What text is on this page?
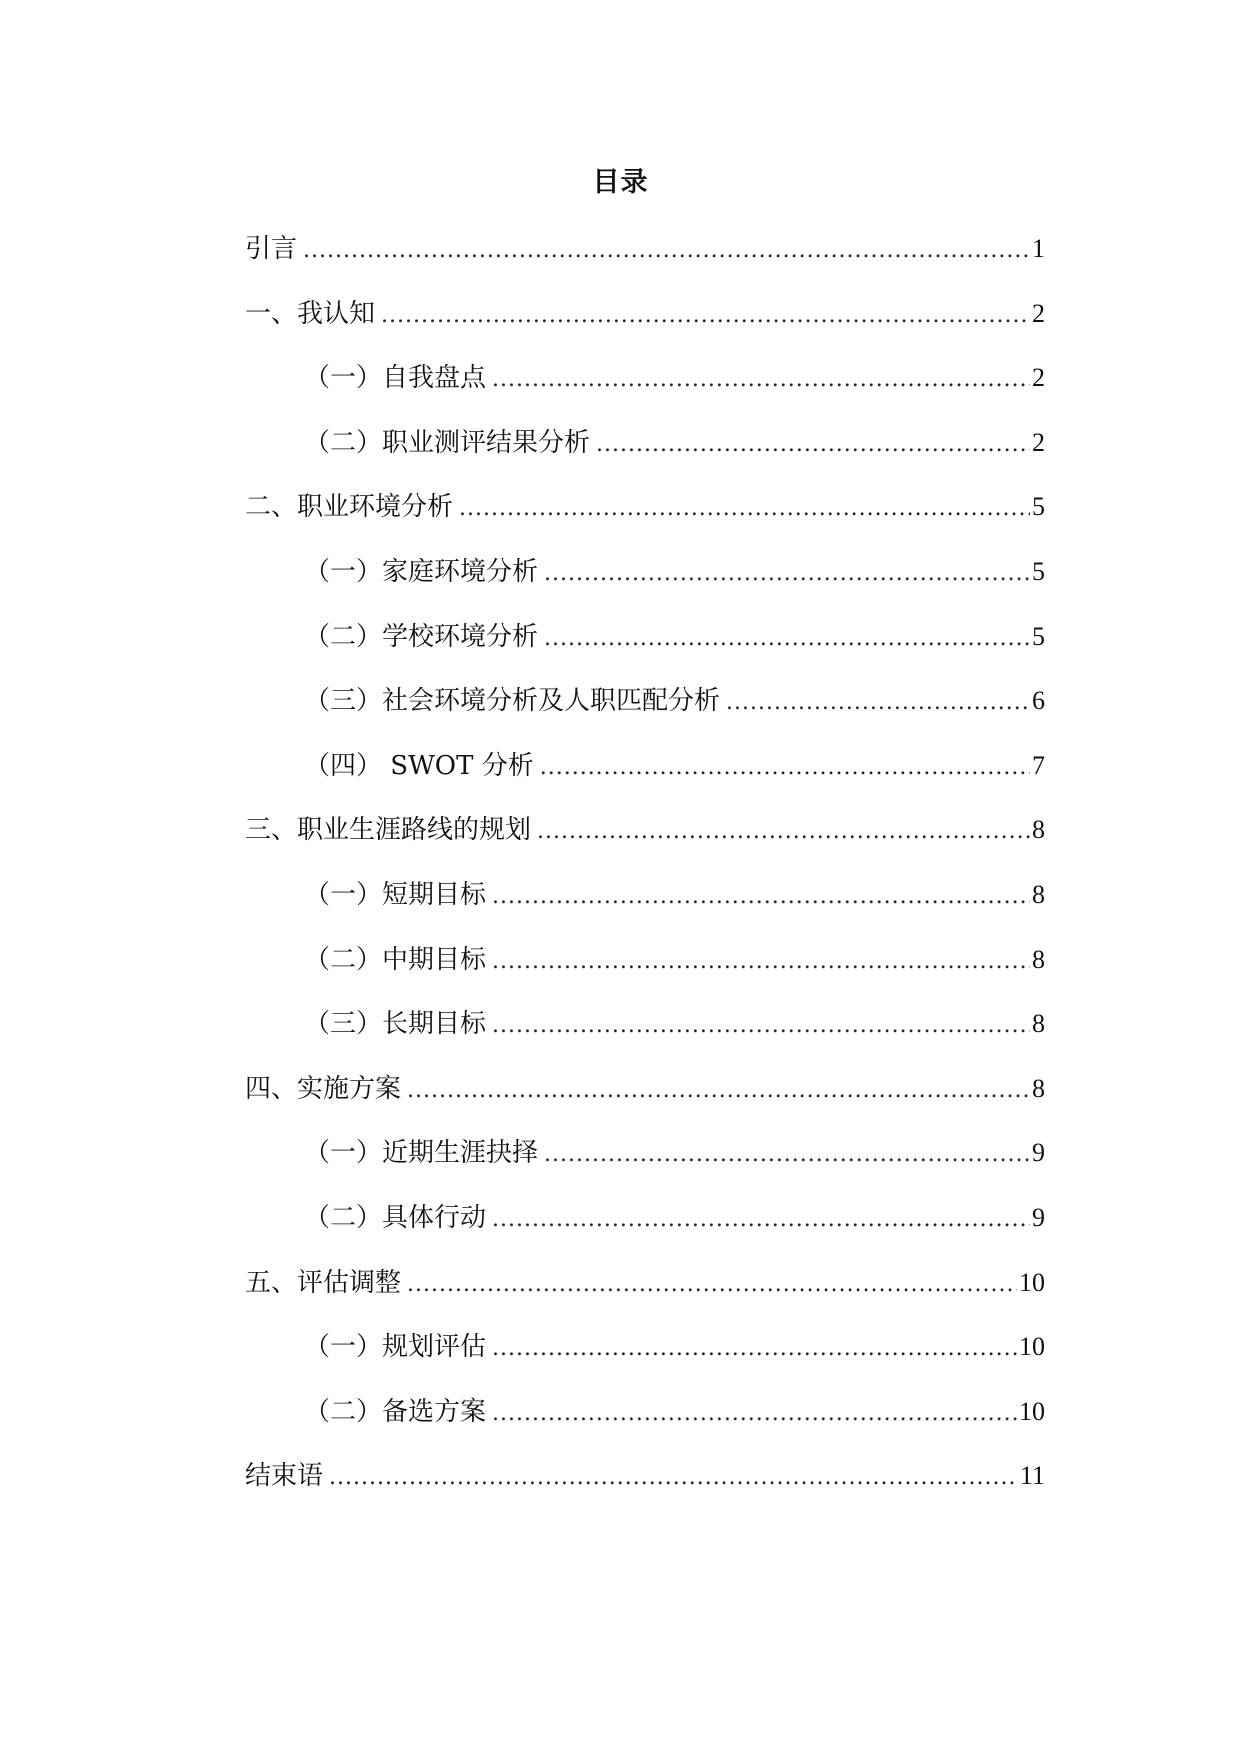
目录
引言 .....	1
一、我认知 .....	2
（一）自我盘点 .....	2
（二）职业测评结果分析 .....	2
二、职业环境分析 .....	5
（一）家庭环境分析 .....	5
（二）学校环境分析 .....	5
（三）社会环境分析及人职匹配分析 .....	6
（四） SWOT 分析 .....	7
三、职业生涯路线的规划 .....	8
（一）短期目标 .....	8
（二）中期目标 .....	8
（三）长期目标 .....	8
四、实施方案 .....	8
（一）近期生涯抉择 .....	9
（二）具体行动 .....	9
五、评估调整 .....	10
（一）规划评估 .....	10
（二）备选方案 .....	10
结束语 .....	11
